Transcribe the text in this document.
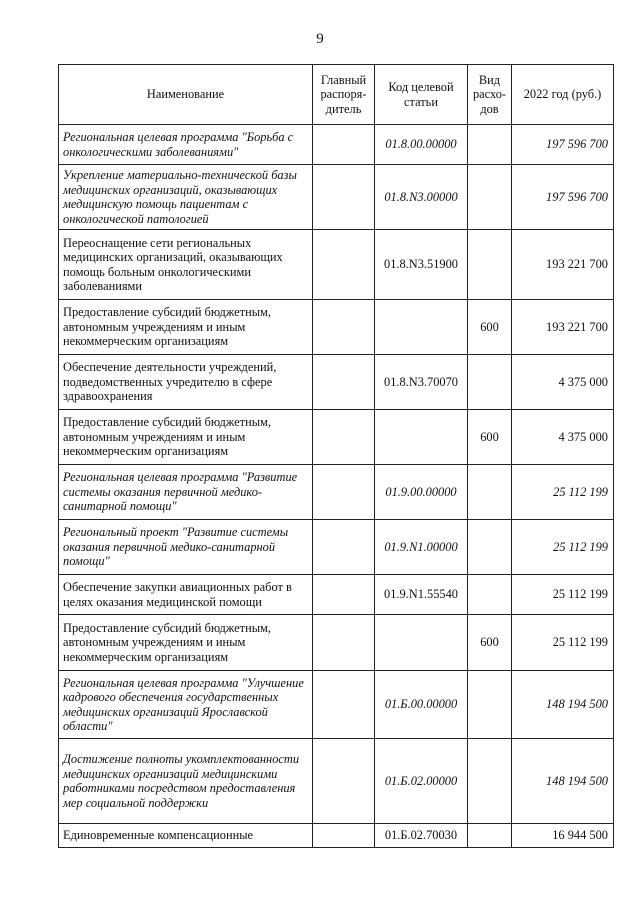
9
Наименование	Главный распоря-дитель	Код целевой статьи	Вид расхо-дов	2022 год (руб.)
Региональная целевая программа "Борьба с онкологическими заболеваниями"		01.8.00.00000		197 596 700
Укрепление материально-технической базы медицинских организаций, оказывающих медицинскую помощь пациентам с онкологической патологией		01.8.N3.00000		197 596 700
Переоснащение сети региональных медицинских организаций, оказывающих помощь больным онкологическими заболеваниями		01.8.N3.51900		193 221 700
Предоставление субсидий бюджетным, автономным учреждениям и иным некоммерческим организациям			600	193 221 700
Обеспечение деятельности учреждений, подведомственных учредителю в сфере здравоохранения		01.8.N3.70070		4 375 000
Предоставление субсидий бюджетным, автономным учреждениям и иным некоммерческим организациям			600	4 375 000
Региональная целевая программа "Развитие системы оказания первичной медико-санитарной помощи"		01.9.00.00000		25 112 199
Региональный проект "Развитие системы оказания первичной медико-санитарной помощи"		01.9.N1.00000		25 112 199
Обеспечение закупки авиационных работ в целях оказания медицинской помощи		01.9.N1.55540		25 112 199
Предоставление субсидий бюджетным, автономным учреждениям и иным некоммерческим организациям			600	25 112 199
Региональная целевая программа "Улучшение кадрового обеспечения государственных медицинских организаций Ярославской области"		01.Б.00.00000		148 194 500
Достижение полноты укомплектованности медицинских организаций медицинскими работниками посредством предоставления мер социальной поддержки		01.Б.02.00000		148 194 500
Единовременные компенсационные		01.Б.02.70030		16 944 500
